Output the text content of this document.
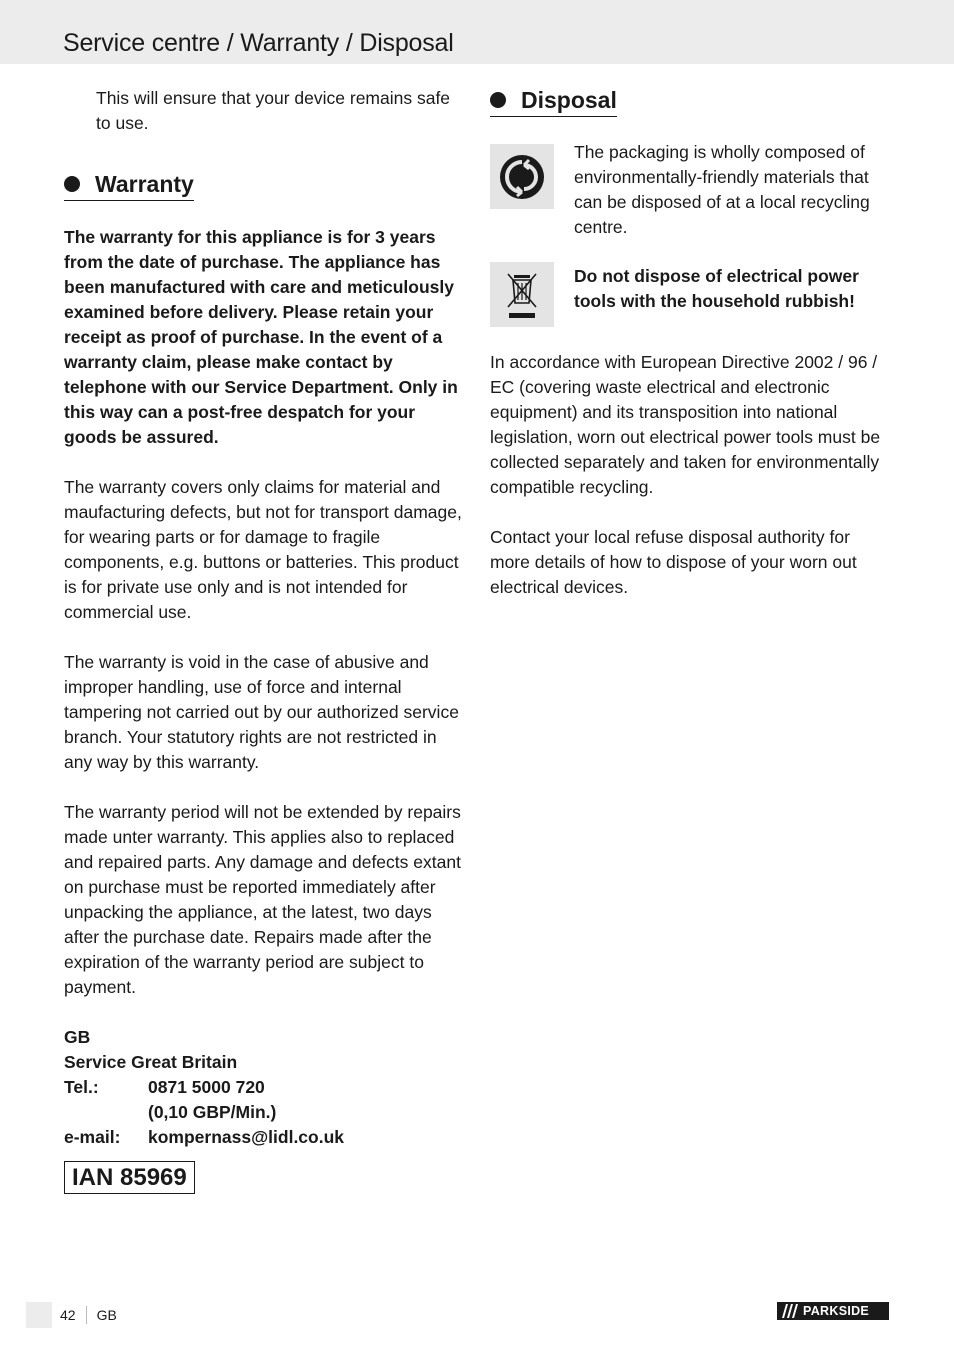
Service centre / Warranty / Disposal

This will ensure that your device remains safe to use.

Warranty

The warranty for this appliance is for 3 years from the date of purchase. The appliance has been manufactured with care and meticulously examined before delivery. Please retain your receipt as proof of purchase. In the event of a warranty claim, please make contact by telephone with our Service Department. Only in this way can a post-free despatch for your goods be assured.

The warranty covers only claims for material and maufacturing defects, but not for transport damage, for wearing parts or for damage to fragile components, e.g. buttons or batteries. This product is for private use only and is not intended for commercial use.

The warranty is void in the case of abusive and improper handling, use of force and internal tampering not carried out by our authorized service branch. Your statutory rights are not restricted in any way by this warranty.

The warranty period will not be extended by repairs made unter warranty. This applies also to replaced and repaired parts. Any damage and defects extant on purchase must be reported immediately after unpacking the appliance, at the latest, two days after the purchase date. Repairs made after the expiration of the warranty period are subject to payment.

GB
Service Great Britain
Tel.:	0871 5000 720
(0,10 GBP/Min.)
e-mail:	kompernass@lidl.co.uk
IAN 85969
Disposal

The packaging is wholly composed of environmentally-friendly materials that can be disposed of at a local recycling centre.

Do not dispose of electrical power tools with the household rubbish!

In accordance with European Directive 2002 / 96 / EC (covering waste electrical and electronic equipment) and its transposition into national legislation, worn out electrical power tools must be collected separately and taken for environmentally compatible recycling.

Contact your local refuse disposal authority for more details of how to dispose of your worn out electrical devices.

42 GB	PARKSIDE
